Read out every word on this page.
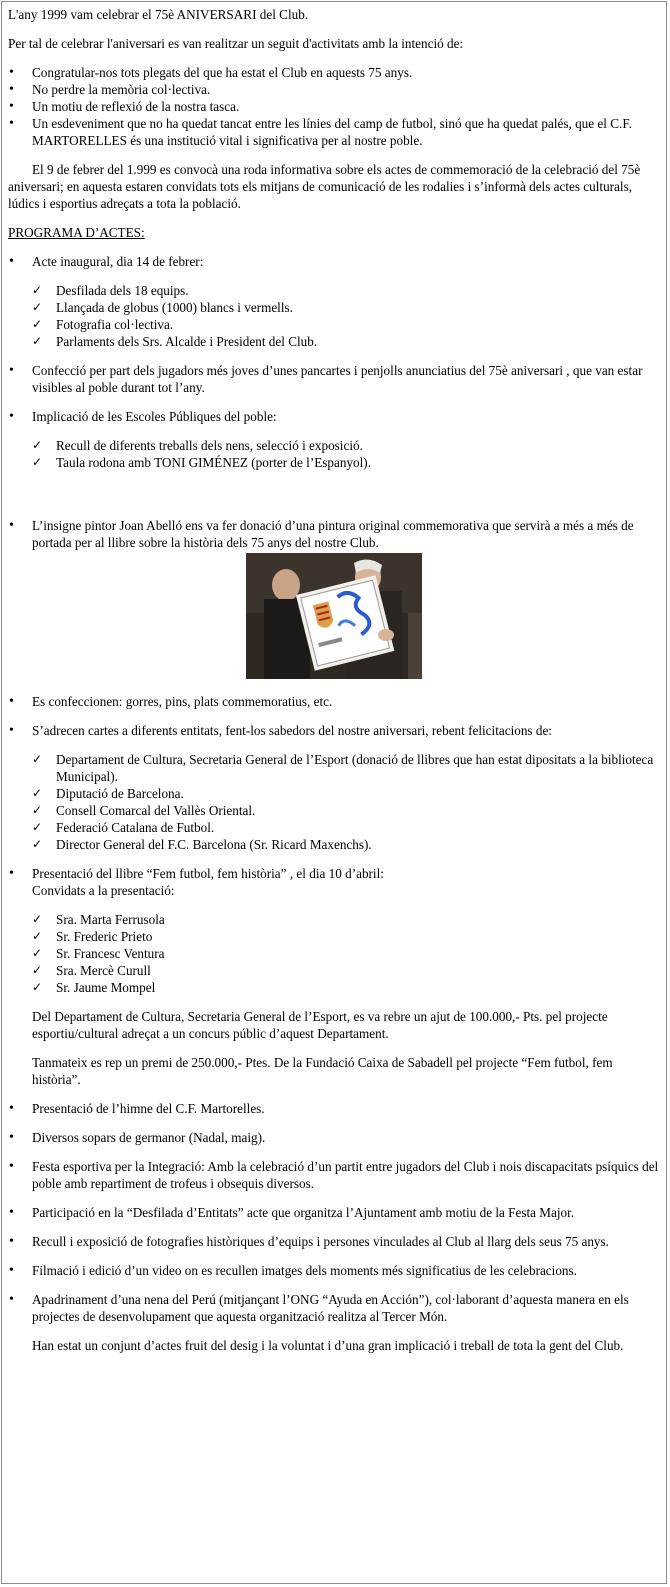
L'any 1999 vam celebrar el 75è ANIVERSARI del Club.

Per tal de celebrar l'aniversari es van realitzar un seguit d'activitats amb la intenció de:

• Congratular-nos tots plegats del que ha estat el Club en aquests 75 anys.
• No perdre la memòria col·lectiva.
• Un motiu de reflexió de la nostra tasca.
• Un esdeveniment que no ha quedat tancat entre les línies del camp de futbol, sinó que ha quedat palés, que el C.F. MARTORELLES és una institució vital i significativa per al nostre poble.

El 9 de febrer del 1.999 es convocà una roda informativa sobre els actes de commemoració de la celebració del 75è aniversari; en aquesta estaren convidats tots els mitjans de comunicació de les rodalies i s’informà dels actes culturals, lúdics i esportius adreçats a tota la població.

PROGRAMA D’ACTES:

• Acte inaugural, dia 14 de febrer:
✓ Desfilada dels 18 equips.
✓ Llançada de globus (1000) blancs i vermells.
✓ Fotografia col·lectiva.
✓ Parlaments dels Srs. Alcalde i President del Club.
• Confecció per part dels jugadors més joves d’unes pancartes i penjolls anunciatius del 75è aniversari , que van estar visibles al poble durant tot l’any.
• Implicació de les Escoles Públiques del poble:
✓ Recull de diferents treballs dels nens, selecció i exposició.
✓ Taula rodona amb TONI GIMÉNEZ (porter de l’Espanyol).
• L’insigne pintor Joan Abelló ens va fer donació d’una pintura original commemorativa que servirà a més a més de portada per al llibre sobre la història dels 75 anys del nostre Club.
• Es confeccionen: gorres, pins, plats commemoratius, etc.
• S’adrecen cartes a diferents entitats, fent-los sabedors del nostre aniversari, rebent felicitacions de:
✓ Departament de Cultura, Secretaria General de l’Esport (donació de llibres que han estat dipositats a la biblioteca Municipal).
✓ Diputació de Barcelona.
✓ Consell Comarcal del Vallès Oriental.
✓ Federació Catalana de Futbol.
✓ Director General del F.C. Barcelona (Sr. Ricard Maxenchs).
• Presentació del llibre “Fem futbol, fem història” , el dia 10 d’abril:
Convidats a la presentació:
✓ Sra. Marta Ferrusola
✓ Sr. Frederic Prieto
✓ Sr. Francesc Ventura
✓ Sra. Mercè Curull
✓ Sr. Jaume Mompel

Del Departament de Cultura, Secretaria General de l’Esport, es va rebre un ajut de 100.000,- Pts. pel projecte esportiu/cultural adreçat a un concurs públic d’aquest Departament.

Tanmateix es rep un premi de 250.000,- Ptes. De la Fundació Caixa de Sabadell pel projecte “Fem futbol, fem història”.

• Presentació de l’himne del C.F. Martorelles.
• Diversos sopars de germanor (Nadal, maig).
• Festa esportiva per la Integració: Amb la celebració d’un partit entre jugadors del Club i nois discapacitats psíquics del poble amb repartiment de trofeus i obsequis diversos.
• Participació en la “Desfilada d’Entitats” acte que organitza l’Ajuntament amb motiu de la Festa Major.
• Recull i exposició de fotografies històriques d’equips i persones vinculades al Club al llarg dels seus 75 anys.
• Filmació i edició d’un video on es recullen imatges dels moments més significatius de les celebracions.
• Apadrinament d’una nena del Perú (mitjançant l’ONG “Ayuda en Acción”), col·laborant d’aquesta manera en els projectes de desenvolupament que aquesta organització realitza al Tercer Món.

Han estat un conjunt d’actes fruit del desig i la voluntat i d’una gran implicació i treball de tota la gent del Club.
